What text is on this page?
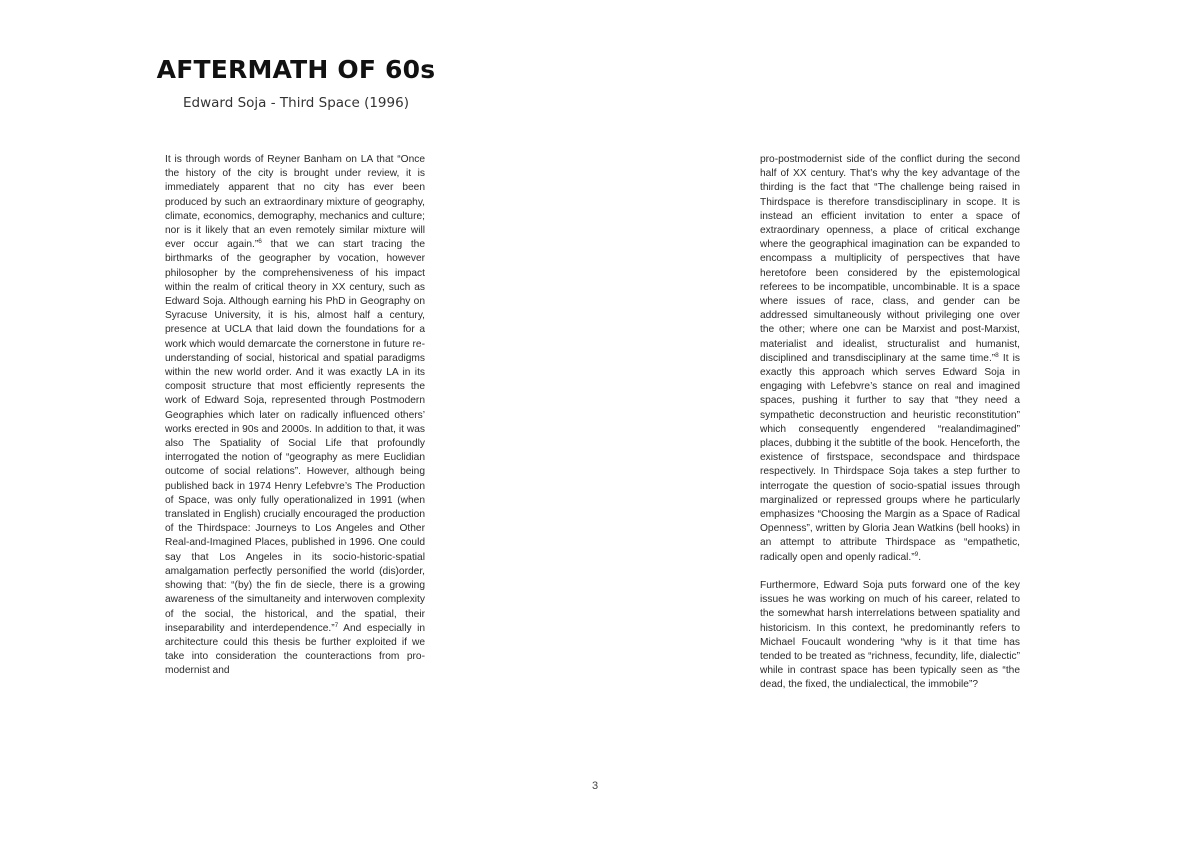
AFTERMATH OF 60s
Edward Soja - Third Space (1996)

It is through words of Reyner Banham on LA that “Once the history of the city is brought under review, it is immediately apparent that no city has ever been produced by such an extraordinary mixture of geography, climate, economics, demography, mechanics and culture; nor is it likely that an even remotely similar mixture will ever occur again.”$^6$ that we can start tracing the birthmarks of the geographer by vocation, however philosopher by the comprehensiveness of his impact within the realm of critical theory in XX century, such as Edward Soja. Although earning his PhD in Geography on Syracuse University, it is his, almost half a century, presence at UCLA that laid down the foundations for a work which would demarcate the cornerstone in future re-understanding of social, historical and spatial paradigms within the new world order. And it was exactly LA in its composit structure that most efficiently represents the work of Edward Soja, represented through Postmodern Geographies which later on radically influenced others’ works erected in 90s and 2000s. In addition to that, it was also The Spatiality of Social Life that profoundly interrogated the notion of “geography as mere Euclidian outcome of social relations”. However, although being published back in 1974 Henry Lefebvre’s The Production of Space, was only fully operationalized in 1991 (when translated in English) crucially encouraged the production of the Thirdspace: Journeys to Los Angeles and Other Real-and-Imagined Places, published in 1996. One could say that Los Angeles in its socio-historic-spatial amalgamation perfectly personified the world (dis)order, showing that: “(by) the fin de siecle, there is a growing awareness of the simultaneity and interwoven complexity of the social, the historical, and the spatial, their inseparability and interdependence.”$^7$ And especially in architecture could this thesis be further exploited if we take into consideration the counteractions from pro-modernist and

pro-postmodernist side of the conflict during the second half of XX century. That’s why the key advantage of the thirding is the fact that “The challenge being raised in Thirdspace is therefore transdisciplinary in scope. It is instead an efficient invitation to enter a space of extraordinary openness, a place of critical exchange where the geographical imagination can be expanded to encompass a multiplicity of perspectives that have heretofore been considered by the epistemological referees to be incompatible, uncombinable. It is a space where issues of race, class, and gender can be addressed simultaneously without privileging one over the other; where one can be Marxist and post-Marxist, materialist and idealist, structuralist and humanist, disciplined and transdisciplinary at the same time.”$^8$ It is exactly this approach which serves Edward Soja in engaging with Lefebvre’s stance on real and imagined spaces, pushing it further to say that “they need a sympathetic deconstruction and heuristic reconstitution” which consequently engendered “realandimagined” places, dubbing it the subtitle of the book. Henceforth, the existence of firstspace, secondspace and thirdspace respectively. In Thirdspace Soja takes a step further to interrogate the question of socio-spatial issues through marginalized or repressed groups where he particularly emphasizes “Choosing the Margin as a Space of Radical Openness”, written by Gloria Jean Watkins (bell hooks) in an attempt to attribute Thirdspace as “empathetic, radically open and openly radical.”$^9$.

Furthermore, Edward Soja puts forward one of the key issues he was working on much of his career, related to the somewhat harsh interrelations between spatiality and historicism. In this context, he predominantly refers to Michael Foucault wondering “why is it that time has tended to be treated as “richness, fecundity, life, dialectic” while in contrast space has been typically seen as “the dead, the fixed, the undialectical, the immobile”?

3
